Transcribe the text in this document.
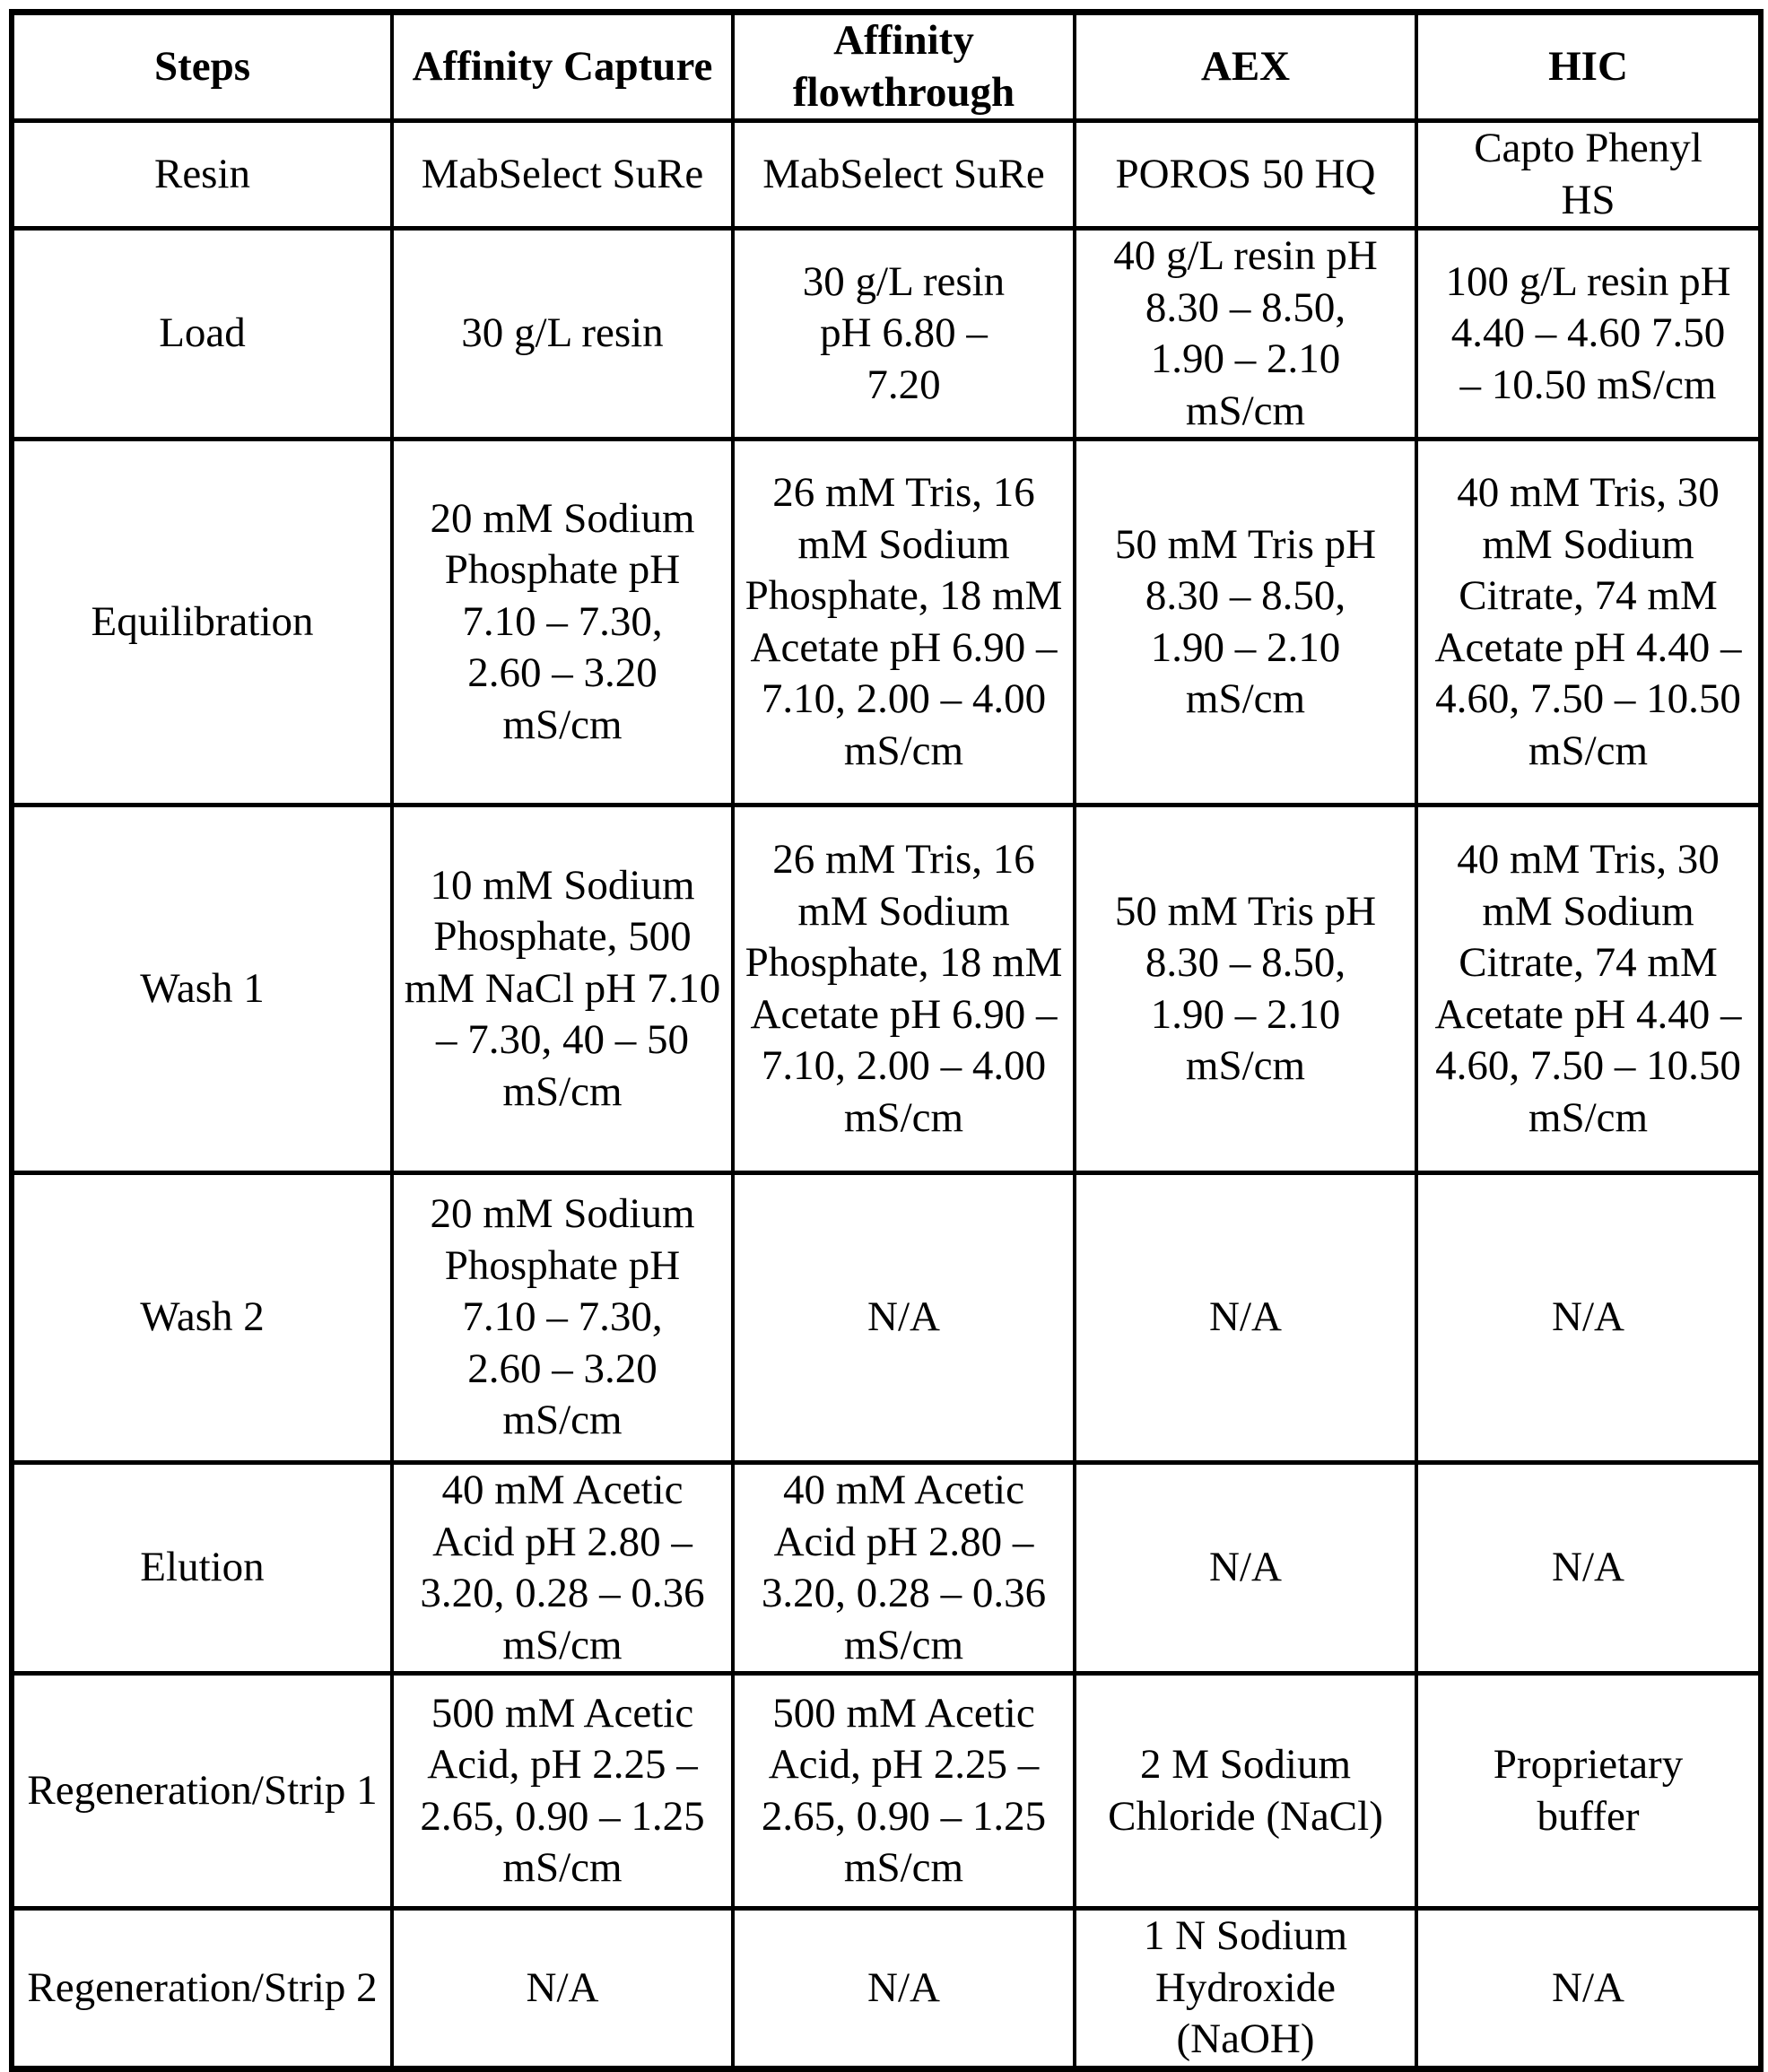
Steps	Affinity Capture	Affinity flowthrough	AEX	HIC
Resin	MabSelect SuRe	MabSelect SuRe	POROS 50 HQ	Capto Phenyl HS
Load	30 g/L resin	30 g/L resin pH 6.80 – 7.20	40 g/L resin pH 8.30 – 8.50, 1.90 – 2.10 mS/cm	100 g/L resin pH 4.40 – 4.60 7.50 – 10.50 mS/cm
Equilibration	20 mM Sodium Phosphate pH 7.10 – 7.30, 2.60 – 3.20 mS/cm	26 mM Tris, 16 mM Sodium Phosphate, 18 mM Acetate pH 6.90 – 7.10, 2.00 – 4.00 mS/cm	50 mM Tris pH 8.30 – 8.50, 1.90 – 2.10 mS/cm	40 mM Tris, 30 mM Sodium Citrate, 74 mM Acetate pH 4.40 – 4.60, 7.50 – 10.50 mS/cm
Wash 1	10 mM Sodium Phosphate, 500 mM NaCl pH 7.10 – 7.30, 40 – 50 mS/cm	26 mM Tris, 16 mM Sodium Phosphate, 18 mM Acetate pH 6.90 – 7.10, 2.00 – 4.00 mS/cm	50 mM Tris pH 8.30 – 8.50, 1.90 – 2.10 mS/cm	40 mM Tris, 30 mM Sodium Citrate, 74 mM Acetate pH 4.40 – 4.60, 7.50 – 10.50 mS/cm
Wash 2	20 mM Sodium Phosphate pH 7.10 – 7.30, 2.60 – 3.20 mS/cm	N/A	N/A	N/A
Elution	40 mM Acetic Acid pH 2.80 – 3.20, 0.28 – 0.36 mS/cm	40 mM Acetic Acid pH 2.80 – 3.20, 0.28 – 0.36 mS/cm	N/A	N/A
Regeneration/Strip 1	500 mM Acetic Acid, pH 2.25 – 2.65, 0.90 – 1.25 mS/cm	500 mM Acetic Acid, pH 2.25 – 2.65, 0.90 – 1.25 mS/cm	2 M Sodium Chloride (NaCl)	Proprietary buffer
Regeneration/Strip 2	N/A	N/A	1 N Sodium Hydroxide (NaOH)	N/A
